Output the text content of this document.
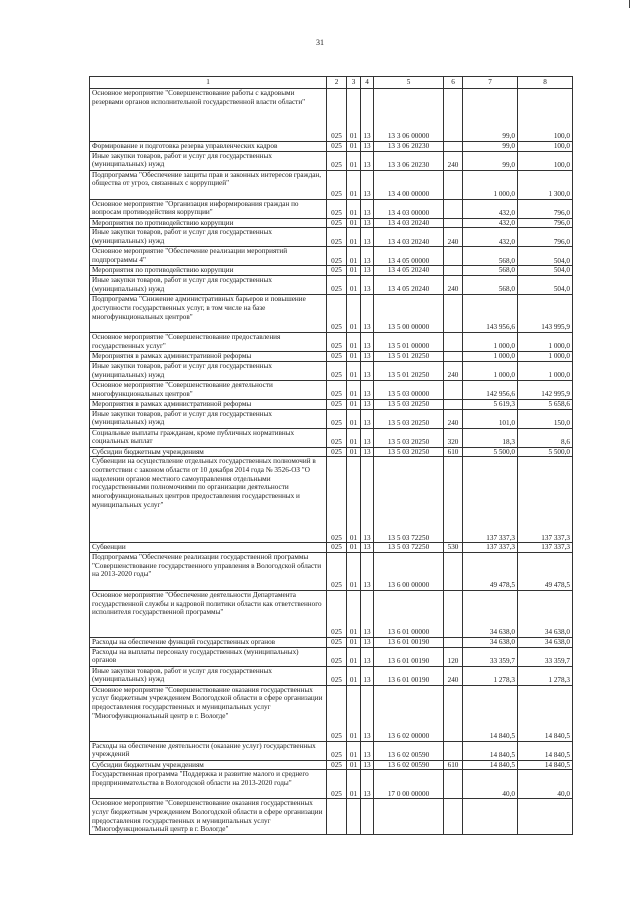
31
1	2	3	4	5	6	7	8
Основное мероприятие "Совершенствование работы с кадровыми резервами органов исполнительной государственной власти области"	025	01	13	13 3 06 00000		99,0	100,0
Формирование и подготовка резерва управленческих кадров	025	01	13	13 3 06 20230		99,0	100,0
Иные закупки товаров, работ и услуг для государственных (муниципальных) нужд	025	01	13	13 3 06 20230	240	99,0	100,0
Подпрограмма "Обеспечение защиты прав и законных интересов граждан, общества от угроз, связанных с коррупцией"	025	01	13	13 4 00 00000		1 000,0	1 300,0
Основное мероприятие "Организация информирования граждан по вопросам противодействия коррупции"	025	01	13	13 4 03 00000		432,0	796,0
Мероприятия по противодействию коррупции	025	01	13	13 4 03 20240		432,0	796,0
Иные закупки товаров, работ и услуг для государственных (муниципальных) нужд	025	01	13	13 4 03 20240	240	432,0	796,0
Основное мероприятие "Обеспечение реализации мероприятий подпрограммы 4"	025	01	13	13 4 05 00000		568,0	504,0
Мероприятия по противодействию коррупции	025	01	13	13 4 05 20240		568,0	504,0
Иные закупки товаров, работ и услуг для государственных (муниципальных) нужд	025	01	13	13 4 05 20240	240	568,0	504,0
Подпрограмма "Снижение административных барьеров и повышение доступности государственных услуг, в том числе на базе многофункциональных центров"	025	01	13	13 5 00 00000		143 956,6	143 995,9
Основное мероприятие "Совершенствование предоставления государственных услуг"	025	01	13	13 5 01 00000		1 000,0	1 000,0
Мероприятия в рамках административной реформы	025	01	13	13 5 01 20250		1 000,0	1 000,0
Иные закупки товаров, работ и услуг для государственных (муниципальных) нужд	025	01	13	13 5 01 20250	240	1 000,0	1 000,0
Основное мероприятие "Совершенствование деятельности многофункциональных центров"	025	01	13	13 5 03 00000		142 956,6	142 995,9
Мероприятия в рамках административной реформы	025	01	13	13 5 03 20250		5 619,3	5 658,6
Иные закупки товаров, работ и услуг для государственных (муниципальных) нужд	025	01	13	13 5 03 20250	240	101,0	150,0
Социальные выплаты гражданам, кроме публичных нормативных социальных выплат	025	01	13	13 5 03 20250	320	18,3	8,6
Субсидии бюджетным учреждениям	025	01	13	13 5 03 20250	610	5 500,0	5 500,0
Субвенции на осуществление отдельных государственных полномочий в соответствии с законом области от 10 декабря 2014 года № 3526-ОЗ "О наделении органов местного самоуправления отдельными государственными полномочиями по организации деятельности многофункциональных центров предоставления государственных и муниципальных услуг"	025	01	13	13 5 03 72250		137 337,3	137 337,3
Субвенции	025	01	13	13 5 03 72250	530	137 337,3	137 337,3
Подпрограмма "Обеспечение реализации государственной программы "Совершенствование государственного управления в Вологодской области на 2013-2020 годы"	025	01	13	13 6 00 00000		49 478,5	49 478,5
Основное мероприятие "Обеспечение деятельности Департамента государственной службы и кадровой политики области как ответственного исполнителя государственной программы"	025	01	13	13 6 01 00000		34 638,0	34 638,0
Расходы на обеспечение функций государственных органов	025	01	13	13 6 01 00190		34 638,0	34 638,0
Расходы на выплаты персоналу государственных (муниципальных) органов	025	01	13	13 6 01 00190	120	33 359,7	33 359,7
Иные закупки товаров, работ и услуг для государственных (муниципальных) нужд	025	01	13	13 6 01 00190	240	1 278,3	1 278,3
Основное мероприятие "Совершенствование оказания государственных услуг бюджетным учреждением Вологодской области в сфере организации предоставления государственных и муниципальных услуг "Многофункциональный центр в г. Вологде"	025	01	13	13 6 02 00000		14 840,5	14 840,5
Расходы на обеспечение деятельности (оказание услуг) государственных учреждений	025	01	13	13 6 02 00590		14 840,5	14 840,5
Субсидии бюджетным учреждениям	025	01	13	13 6 02 00590	610	14 840,5	14 840,5
Государственная программа "Поддержка и развитие малого и среднего предпринимательства в Вологодской области на 2013-2020 годы"	025	01	13	17 0 00 00000		40,0	40,0
Основное мероприятие "Совершенствование оказания государственных услуг бюджетным учреждением Вологодской области в сфере организации предоставления государственных и муниципальных услуг "Многофункциональный центр в г. Вологде"							
